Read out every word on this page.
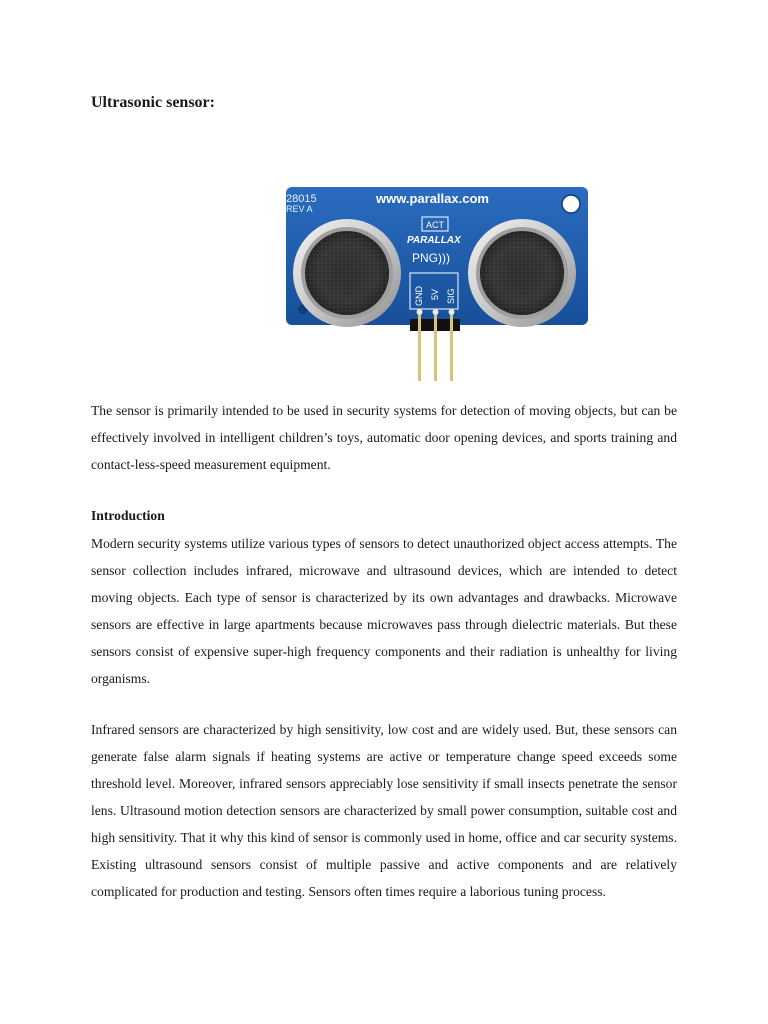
Ultrasonic sensor:
28015
REV A
www.parallax.com
ACT
PARALLAX
PNG)))
GND 5V SIG

The sensor is primarily intended to be used in security systems for detection of moving objects, but can be effectively involved in intelligent children’s toys, automatic door opening devices, and sports training and contact-less-speed measurement equipment.

Introduction

Modern security systems utilize various types of sensors to detect unauthorized object access attempts. The sensor collection includes infrared, microwave and ultrasound devices, which are intended to detect moving objects. Each type of sensor is characterized by its own advantages and drawbacks. Microwave sensors are effective in large apartments because microwaves pass through dielectric materials. But these sensors consist of expensive super-high frequency components and their radiation is unhealthy for living organisms.

Infrared sensors are characterized by high sensitivity, low cost and are widely used. But, these sensors can generate false alarm signals if heating systems are active or temperature change speed exceeds some threshold level. Moreover, infrared sensors appreciably lose sensitivity if small insects penetrate the sensor lens. Ultrasound motion detection sensors are characterized by small power consumption, suitable cost and high sensitivity. That it why this kind of sensor is commonly used in home, office and car security systems. Existing ultrasound sensors consist of multiple passive and active components and are relatively complicated for production and testing. Sensors often times require a laborious tuning process.
